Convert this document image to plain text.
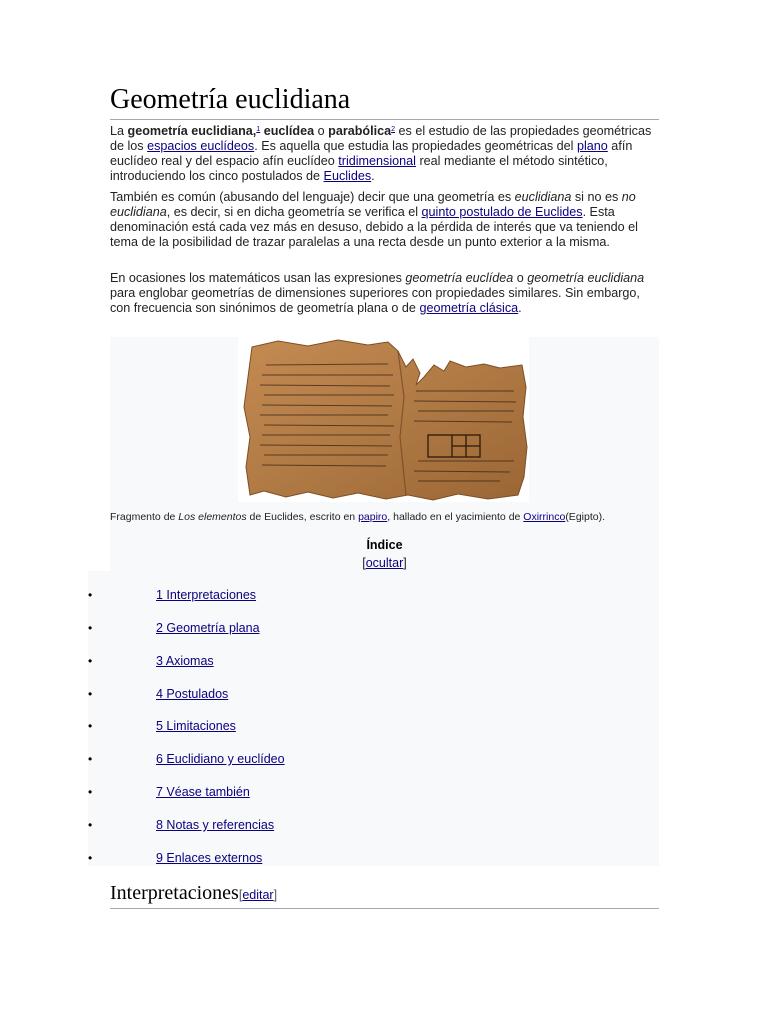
Geometría euclidiana

La geometría euclidiana,$^1$ euclídea o parabólica$^2$ es el estudio de las propiedades geométricas de los espacios euclídeos. Es aquella que estudia las propiedades geométricas del plano afín euclídeo real y del espacio afín euclídeo tridimensional real mediante el método sintético, introduciendo los cinco postulados de Euclides.

También es común (abusando del lenguaje) decir que una geometría es euclidiana si no es no euclidiana, es decir, si en dicha geometría se verifica el quinto postulado de Euclides. Esta denominación está cada vez más en desuso, debido a la pérdida de interés que va teniendo el tema de la posibilidad de trazar paralelas a una recta desde un punto exterior a la misma.

En ocasiones los matemáticos usan las expresiones geometría euclídea o geometría euclidiana para englobar geometrías de dimensiones superiores con propiedades similares. Sin embargo, con frecuencia son sinónimos de geometría plana o de geometría clásica.

Fragmento de Los elementos de Euclides, escrito en papiro, hallado en el yacimiento de Oxirrinco(Egipto).

Índice

[ocultar]

•	1 Interpretaciones
•	2 Geometría plana
•	3 Axiomas
•	4 Postulados
•	5 Limitaciones
•	6 Euclidiano y euclídeo
•	7 Véase también
•	8 Notas y referencias
•	9 Enlaces externos
Interpretaciones[editar]
